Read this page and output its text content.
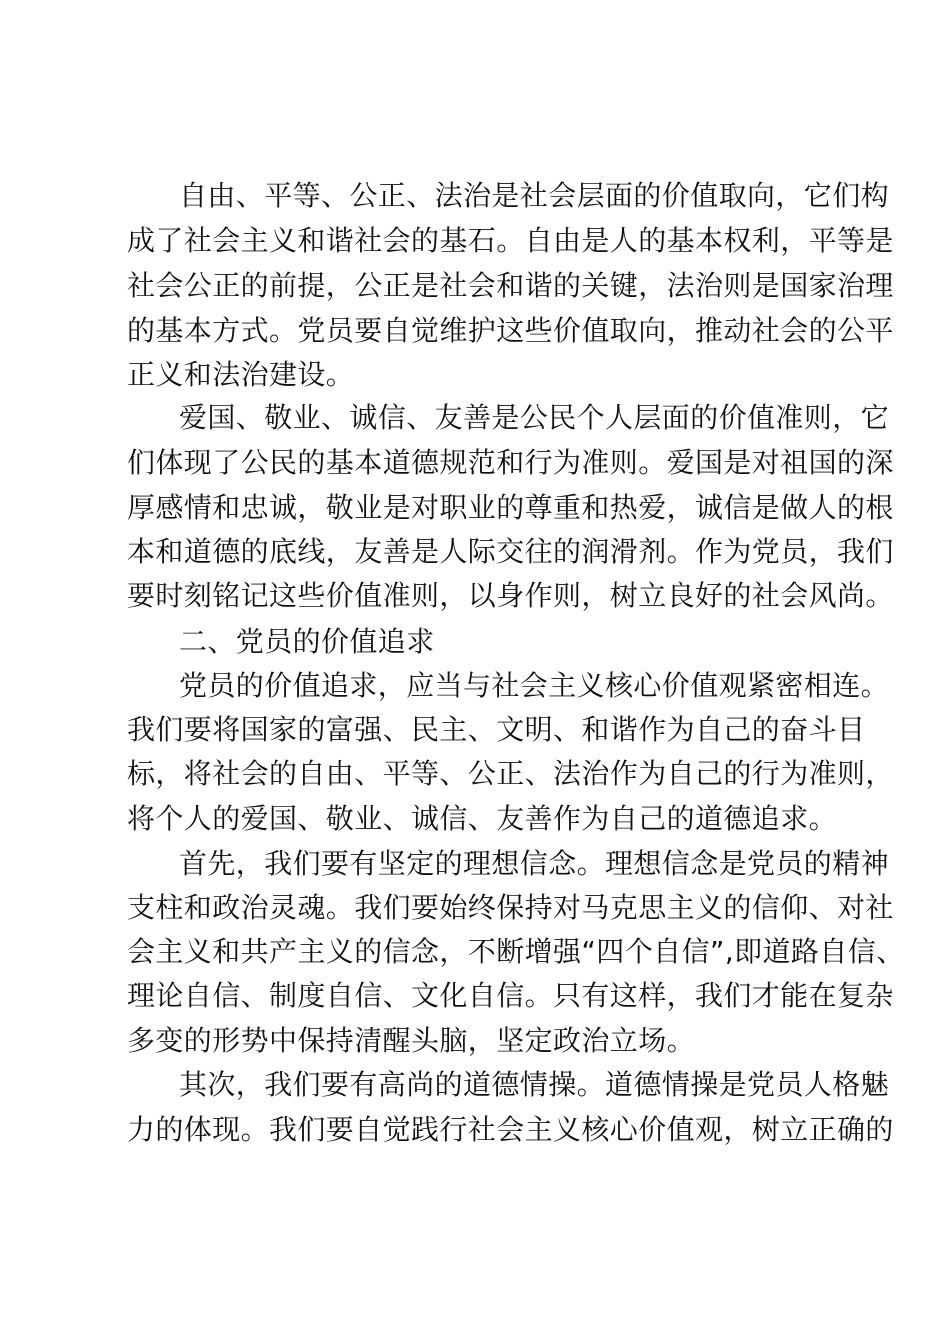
自由、平等、公正、法治是社会层面的价值取向，它们构
成了社会主义和谐社会的基石。自由是人的基本权利，平等是
社会公正的前提，公正是社会和谐的关键，法治则是国家治理
的基本方式。党员要自觉维护这些价值取向，推动社会的公平
正义和法治建设。
爱国、敬业、诚信、友善是公民个人层面的价值准则，它
们体现了公民的基本道德规范和行为准则。爱国是对祖国的深
厚感情和忠诚，敬业是对职业的尊重和热爱，诚信是做人的根
本和道德的底线，友善是人际交往的润滑剂。作为党员，我们
要时刻铭记这些价值准则，以身作则，树立良好的社会风尚。
二、党员的价值追求
党员的价值追求，应当与社会主义核心价值观紧密相连。
我们要将国家的富强、民主、文明、和谐作为自己的奋斗目
标，将社会的自由、平等、公正、法治作为自己的行为准则，
将个人的爱国、敬业、诚信、友善作为自己的道德追求。
首先，我们要有坚定的理想信念。理想信念是党员的精神
支柱和政治灵魂。我们要始终保持对马克思主义的信仰、对社
会主义和共产主义的信念，不断增强“四个自信”,即道路自信、
理论自信、制度自信、文化自信。只有这样，我们才能在复杂
多变的形势中保持清醒头脑，坚定政治立场。
其次，我们要有高尚的道德情操。道德情操是党员人格魅
力的体现。我们要自觉践行社会主义核心价值观，树立正确的
